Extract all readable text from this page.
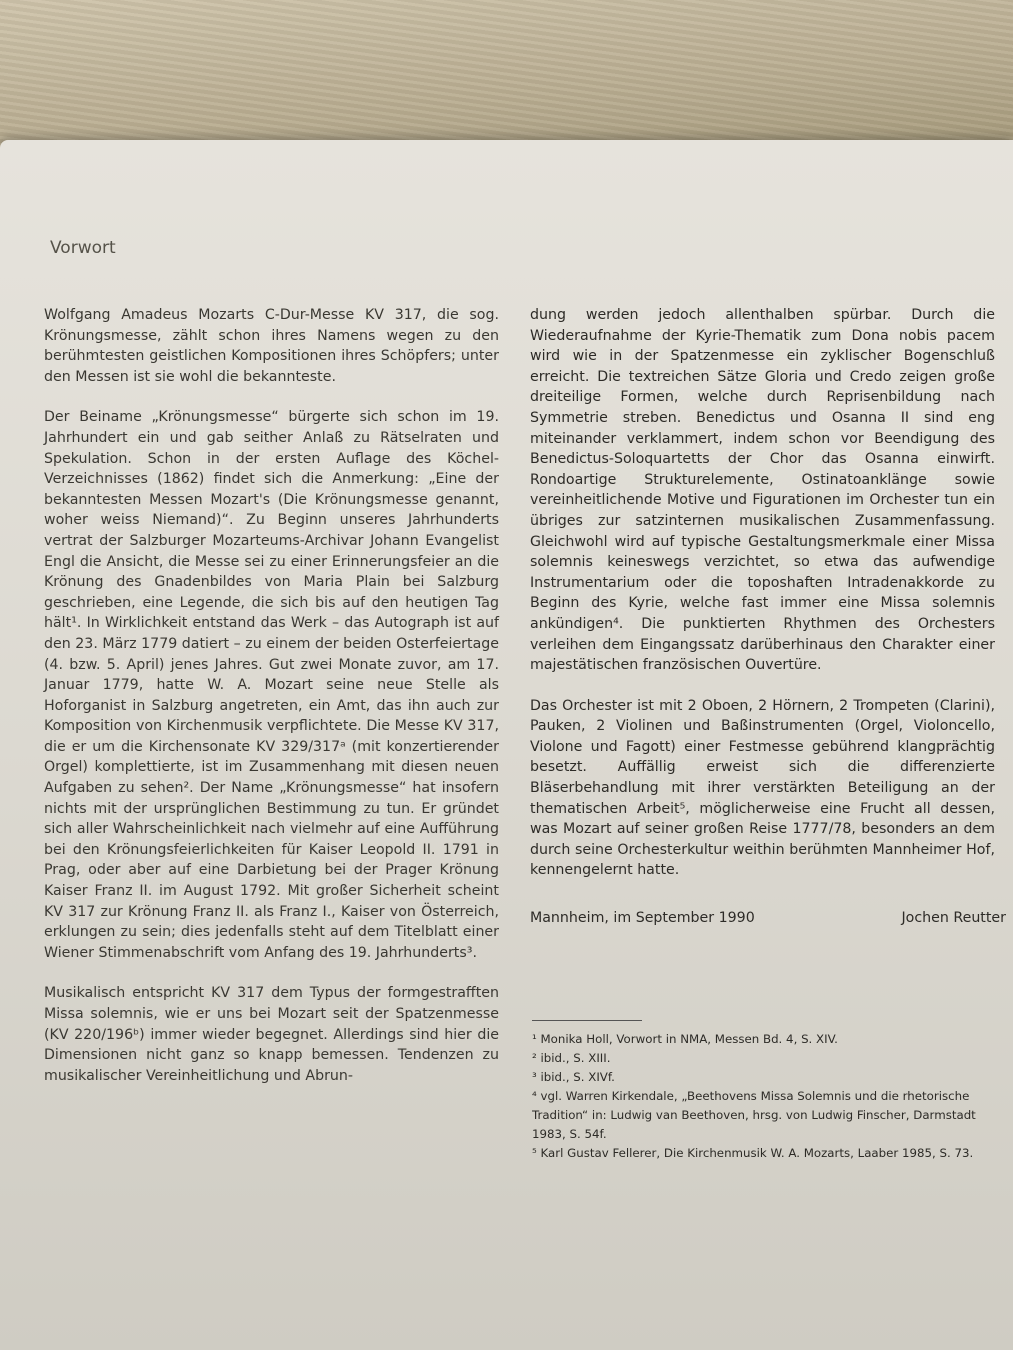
Vorwort

Wolfgang Amadeus Mozarts C-Dur-Messe KV 317, die sog. Krönungsmesse, zählt schon ihres Namens wegen zu den berühmtesten geistlichen Kompositionen ihres Schöpfers; unter den Messen ist sie wohl die bekannteste.

Der Beiname „Krönungsmesse“ bürgerte sich schon im 19. Jahrhundert ein und gab seither Anlaß zu Rätselraten und Spekulation. Schon in der ersten Auflage des Köchel-Verzeichnisses (1862) findet sich die Anmerkung: „Eine der bekanntesten Messen Mozart's (Die Krönungsmesse genannt, woher weiss Niemand)“. Zu Beginn unseres Jahrhunderts vertrat der Salzburger Mozarteums-Archivar Johann Evangelist Engl die Ansicht, die Messe sei zu einer Erinnerungsfeier an die Krönung des Gnadenbildes von Maria Plain bei Salzburg geschrieben, eine Legende, die sich bis auf den heutigen Tag hält¹. In Wirklichkeit entstand das Werk – das Autograph ist auf den 23. März 1779 datiert – zu einem der beiden Osterfeiertage (4. bzw. 5. April) jenes Jahres. Gut zwei Monate zuvor, am 17. Januar 1779, hatte W. A. Mozart seine neue Stelle als Hoforganist in Salzburg angetreten, ein Amt, das ihn auch zur Komposition von Kirchenmusik verpflichtete. Die Messe KV 317, die er um die Kirchensonate KV 329/317ᵃ (mit konzertierender Orgel) komplettierte, ist im Zusammenhang mit diesen neuen Aufgaben zu sehen². Der Name „Krönungsmesse“ hat insofern nichts mit der ursprünglichen Bestimmung zu tun. Er gründet sich aller Wahrscheinlichkeit nach vielmehr auf eine Aufführung bei den Krönungsfeierlichkeiten für Kaiser Leopold II. 1791 in Prag, oder aber auf eine Darbietung bei der Prager Krönung Kaiser Franz II. im August 1792. Mit großer Sicherheit scheint KV 317 zur Krönung Franz II. als Franz I., Kaiser von Österreich, erklungen zu sein; dies jedenfalls steht auf dem Titelblatt einer Wiener Stimmenabschrift vom Anfang des 19. Jahrhunderts³.

Musikalisch entspricht KV 317 dem Typus der formgestrafften Missa solemnis, wie er uns bei Mozart seit der Spatzenmesse (KV 220/196ᵇ) immer wieder begegnet. Allerdings sind hier die Dimensionen nicht ganz so knapp bemessen. Tendenzen zu musikalischer Vereinheitlichung und Abrun-

dung werden jedoch allenthalben spürbar. Durch die Wiederaufnahme der Kyrie-Thematik zum Dona nobis pacem wird wie in der Spatzenmesse ein zyklischer Bogenschluß erreicht. Die textreichen Sätze Gloria und Credo zeigen große dreiteilige Formen, welche durch Reprisenbildung nach Symmetrie streben. Benedictus und Osanna II sind eng miteinander verklammert, indem schon vor Beendigung des Benedictus-Soloquartetts der Chor das Osanna einwirft. Rondoartige Strukturelemente, Ostinatoanklänge sowie vereinheitlichende Motive und Figurationen im Orchester tun ein übriges zur satzinternen musikalischen Zusammenfassung. Gleichwohl wird auf typische Gestaltungsmerkmale einer Missa solemnis keineswegs verzichtet, so etwa das aufwendige Instrumentarium oder die toposhaften Intradenakkorde zu Beginn des Kyrie, welche fast immer eine Missa solemnis ankündigen⁴. Die punktierten Rhythmen des Orchesters verleihen dem Eingangssatz darüberhinaus den Charakter einer majestätischen französischen Ouvertüre.

Das Orchester ist mit 2 Oboen, 2 Hörnern, 2 Trompeten (Clarini), Pauken, 2 Violinen und Baßinstrumenten (Orgel, Violoncello, Violone und Fagott) einer Festmesse gebührend klangprächtig besetzt. Auffällig erweist sich die differenzierte Bläserbehandlung mit ihrer verstärkten Beteiligung an der thematischen Arbeit⁵, möglicherweise eine Frucht all dessen, was Mozart auf seiner großen Reise 1777/78, besonders an dem durch seine Orchesterkultur weithin berühmten Mannheimer Hof, kennengelernt hatte.

Mannheim, im September 1990	Jochen Reutter
¹ Monika Holl, Vorwort in NMA, Messen Bd. 4, S. XIV.
² ibid., S. XIII.
³ ibid., S. XIVf.
⁴ vgl. Warren Kirkendale, „Beethovens Missa Solemnis und die rhetorische
Tradition“ in: Ludwig van Beethoven, hrsg. von Ludwig Finscher, Darmstadt
1983, S. 54f.
⁵ Karl Gustav Fellerer, Die Kirchenmusik W. A. Mozarts, Laaber 1985, S. 73.
